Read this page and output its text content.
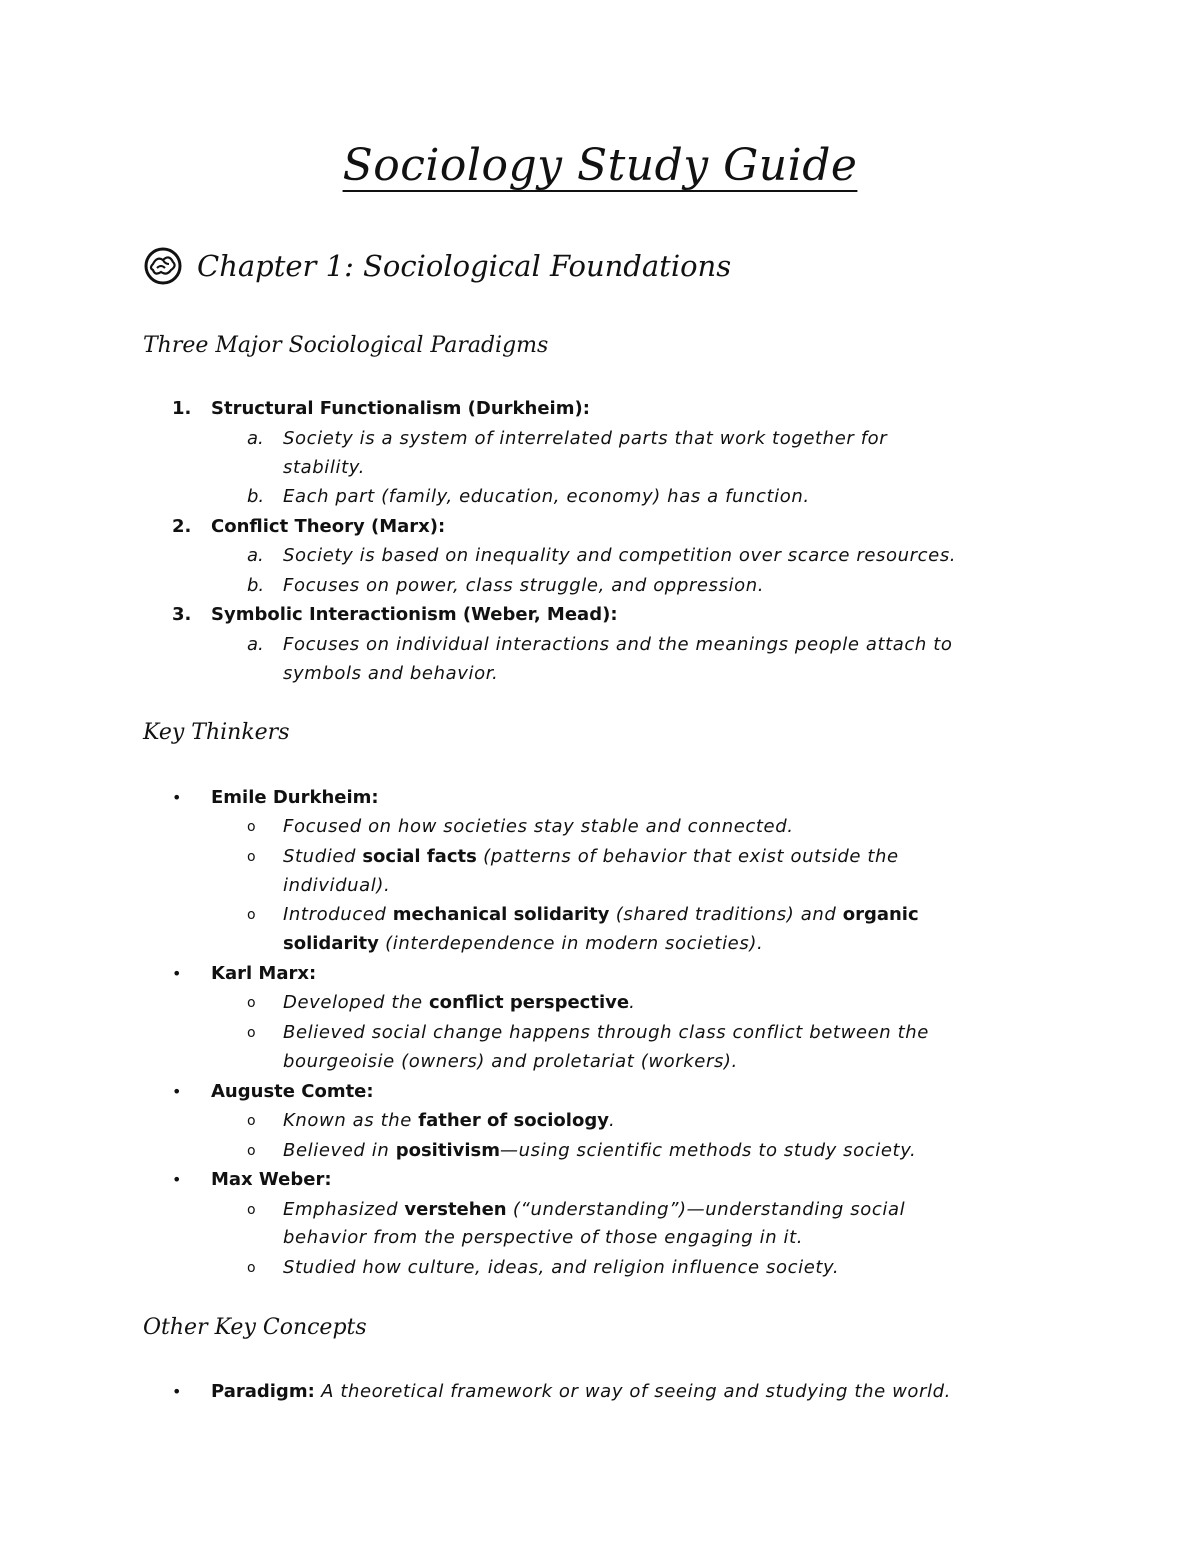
Sociology Study Guide
Chapter 1: Sociological Foundations
Three Major Sociological Paradigms
1. Structural Functionalism (Durkheim):
a. Society is a system of interrelated parts that work together for
stability.
b. Each part (family, education, economy) has a function.
2. Conflict Theory (Marx):
a. Society is based on inequality and competition over scarce resources.
b. Focuses on power, class struggle, and oppression.
3. Symbolic Interactionism (Weber, Mead):
a. Focuses on individual interactions and the meanings people attach to
symbols and behavior.
Key Thinkers
• Emile Durkheim:
o Focused on how societies stay stable and connected.
o Studied social facts (patterns of behavior that exist outside the
individual).
o Introduced mechanical solidarity (shared traditions) and organic
solidarity (interdependence in modern societies).
• Karl Marx:
o Developed the conflict perspective.
o Believed social change happens through class conflict between the
bourgeoisie (owners) and proletariat (workers).
• Auguste Comte:
o Known as the father of sociology.
o Believed in positivism—using scientific methods to study society.
• Max Weber:
o Emphasized verstehen (“understanding”)—understanding social
behavior from the perspective of those engaging in it.
o Studied how culture, ideas, and religion influence society.
Other Key Concepts
• Paradigm: A theoretical framework or way of seeing and studying the world.
